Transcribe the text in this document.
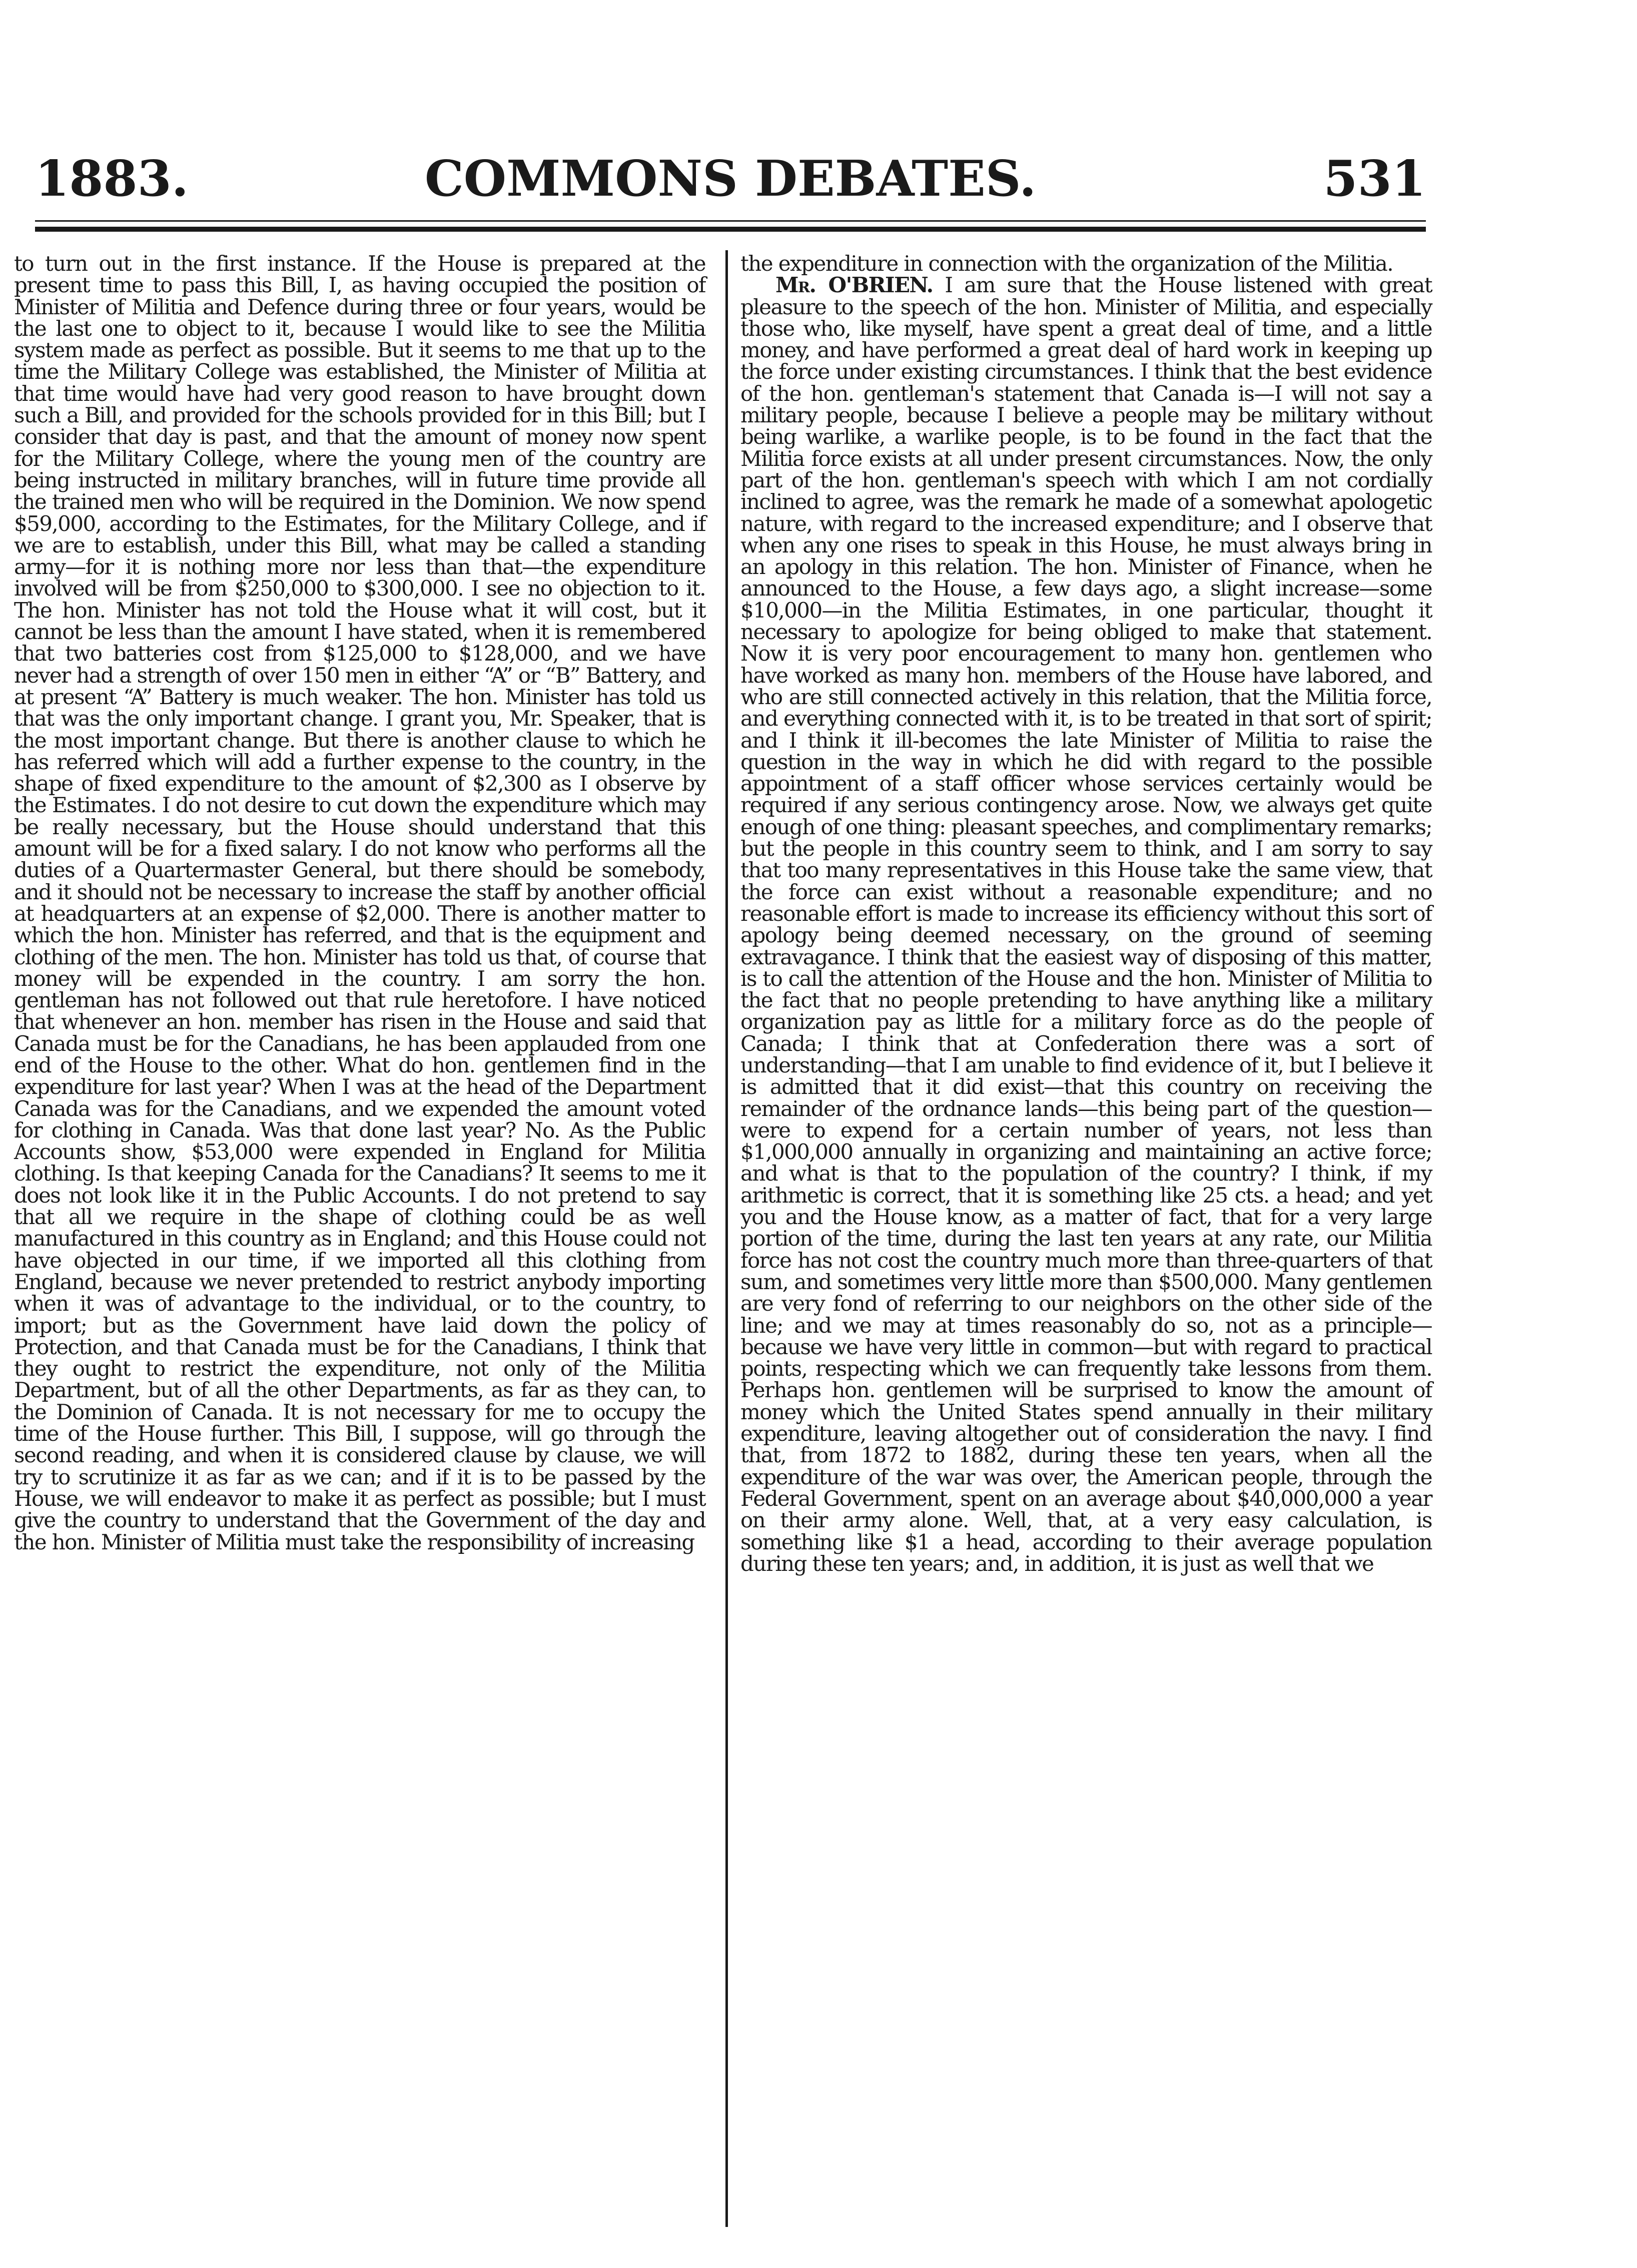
COMMONS DEBATES.
1883.	531

to turn out in the first instance. If the House is prepared at the present time to pass this Bill, I, as having occupied the position of Minister of Militia and Defence during three or four years, would be the last one to object to it, because I would like to see the Militia system made as perfect as possible. But it seems to me that up to the time the Military College was established, the Minister of Militia at that time would have had very good reason to have brought down such a Bill, and provided for the schools provided for in this Bill; but I consider that day is past, and that the amount of money now spent for the Military College, where the young men of the country are being instructed in military branches, will in future time provide all the trained men who will be required in the Dominion. We now spend $59,000, according to the Estimates, for the Military College, and if we are to establish, under this Bill, what may be called a standing army—for it is nothing more nor less than that—the expenditure involved will be from $250,000 to $300,000. I see no objection to it. The hon. Minister has not told the House what it will cost, but it cannot be less than the amount I have stated, when it is remembered that two batteries cost from $125,000 to $128,000, and we have never had a strength of over 150 men in either “A” or “B” Battery, and at present “A” Battery is much weaker. The hon. Minister has told us that was the only important change. I grant you, Mr. Speaker, that is the most important change. But there is another clause to which he has referred which will add a further expense to the country, in the shape of fixed expenditure to the amount of $2,300 as I observe by the Estimates. I do not desire to cut down the expenditure which may be really necessary, but the House should understand that this amount will be for a fixed salary. I do not know who performs all the duties of a Quartermaster General, but there should be somebody, and it should not be necessary to increase the staff by another official at headquarters at an expense of $2,000. There is another matter to which the hon. Minister has referred, and that is the equipment and clothing of the men. The hon. Minister has told us that, of course that money will be expended in the country. I am sorry the hon. gentleman has not followed out that rule heretofore. I have noticed that whenever an hon. member has risen in the House and said that Canada must be for the Canadians, he has been applauded from one end of the House to the other. What do hon. gentlemen find in the expenditure for last year? When I was at the head of the Department Canada was for the Canadians, and we expended the amount voted for clothing in Canada. Was that done last year? No. As the Public Accounts show, $53,000 were expended in England for Militia clothing. Is that keeping Canada for the Canadians? It seems to me it does not look like it in the Public Accounts. I do not pretend to say that all we require in the shape of clothing could be as well manufactured in this country as in England; and this House could not have objected in our time, if we imported all this clothing from England, because we never pretended to restrict anybody importing when it was of advantage to the individual, or to the country, to import; but as the Government have laid down the policy of Protection, and that Canada must be for the Canadians, I think that they ought to restrict the expenditure, not only of the Militia Department, but of all the other Departments, as far as they can, to the Dominion of Canada. It is not necessary for me to occupy the time of the House further. This Bill, I suppose, will go through the second reading, and when it is considered clause by clause, we will try to scrutinize it as far as we can; and if it is to be passed by the House, we will endeavor to make it as perfect as possible; but I must give the country to understand that the Government of the day and the hon. Minister of Militia must take the responsibility of increasing

the expenditure in connection with the organization of the Militia.

Mr. O'BRIEN. I am sure that the House listened with great pleasure to the speech of the hon. Minister of Militia, and especially those who, like myself, have spent a great deal of time, and a little money, and have performed a great deal of hard work in keeping up the force under existing circumstances. I think that the best evidence of the hon. gentleman's statement that Canada is—I will not say a military people, because I believe a people may be military without being warlike, a warlike people, is to be found in the fact that the Militia force exists at all under present circumstances. Now, the only part of the hon. gentleman's speech with which I am not cordially inclined to agree, was the remark he made of a somewhat apologetic nature, with regard to the increased expenditure; and I observe that when any one rises to speak in this House, he must always bring in an apology in this relation. The hon. Minister of Finance, when he announced to the House, a few days ago, a slight increase—some $10,000—in the Militia Estimates, in one particular, thought it necessary to apologize for being obliged to make that statement. Now it is very poor encouragement to many hon. gentlemen who have worked as many hon. members of the House have labored, and who are still connected actively in this relation, that the Militia force, and everything connected with it, is to be treated in that sort of spirit; and I think it ill-becomes the late Minister of Militia to raise the question in the way in which he did with regard to the possible appointment of a staff officer whose services certainly would be required if any serious contingency arose. Now, we always get quite enough of one thing: pleasant speeches, and complimentary remarks; but the people in this country seem to think, and I am sorry to say that too many representatives in this House take the same view, that the force can exist without a reasonable expenditure; and no reasonable effort is made to increase its efficiency without this sort of apology being deemed necessary, on the ground of seeming extravagance. I think that the easiest way of disposing of this matter, is to call the attention of the House and the hon. Minister of Militia to the fact that no people pretending to have anything like a military organization pay as little for a military force as do the people of Canada; I think that at Confederation there was a sort of understanding—that I am unable to find evidence of it, but I believe it is admitted that it did exist—that this country on receiving the remainder of the ordnance lands—this being part of the question—were to expend for a certain number of years, not less than $1,000,000 annually in organizing and maintaining an active force; and what is that to the population of the country? I think, if my arithmetic is correct, that it is something like 25 cts. a head; and yet you and the House know, as a matter of fact, that for a very large portion of the time, during the last ten years at any rate, our Militia force has not cost the country much more than three-quarters of that sum, and sometimes very little more than $500,000. Many gentlemen are very fond of referring to our neighbors on the other side of the line; and we may at times reasonably do so, not as a principle—because we have very little in common—but with regard to practical points, respecting which we can frequently take lessons from them. Perhaps hon. gentlemen will be surprised to know the amount of money which the United States spend annually in their military expenditure, leaving altogether out of consideration the navy. I find that, from 1872 to 1882, during these ten years, when all the expenditure of the war was over, the American people, through the Federal Government, spent on an average about $40,000,000 a year on their army alone. Well, that, at a very easy calculation, is something like $1 a head, according to their average population during these ten years; and, in addition, it is just as well that we
